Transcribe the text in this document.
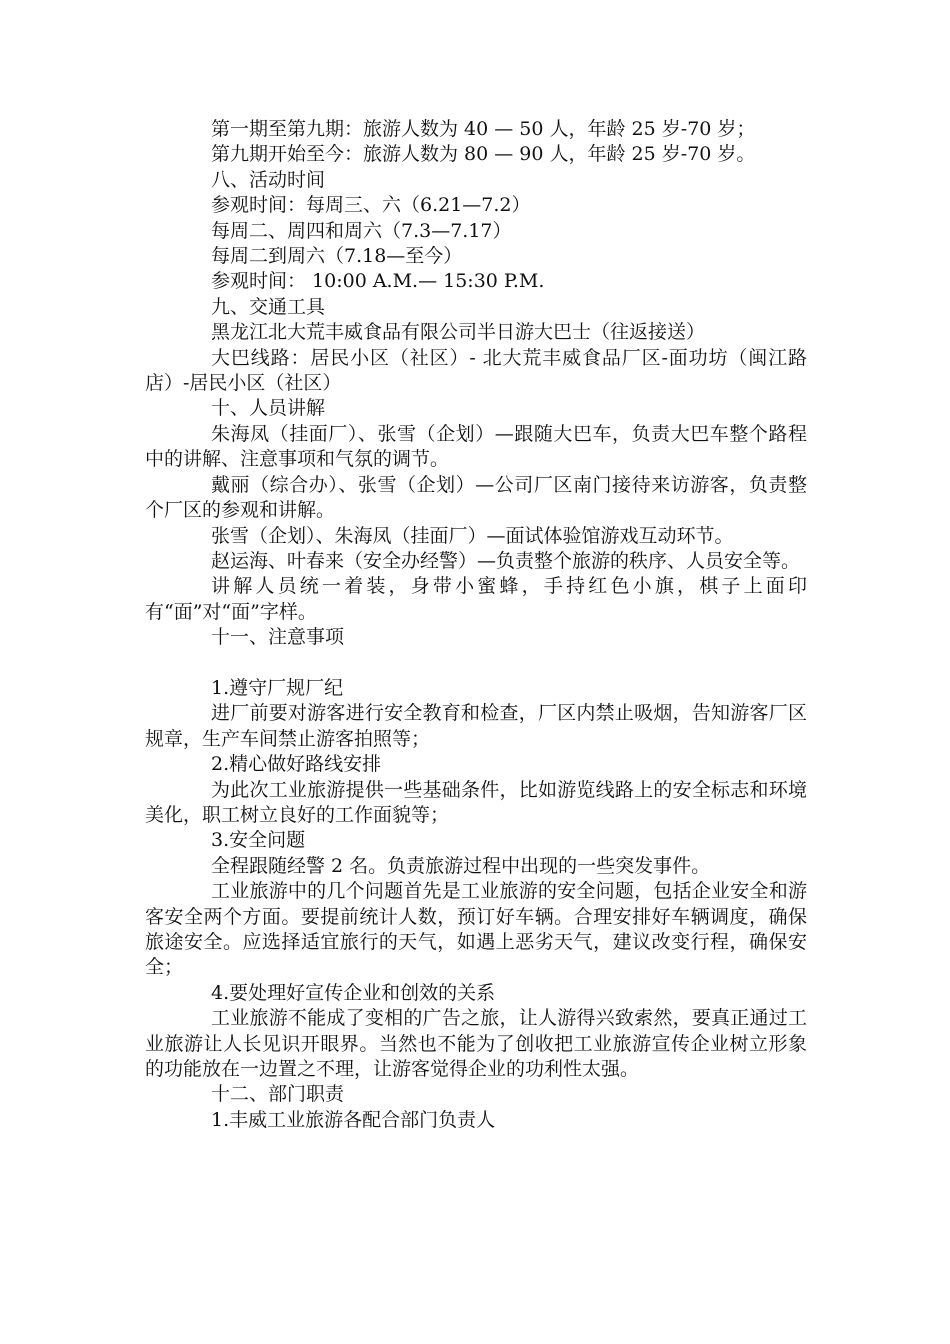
第一期至第九期：旅游人数为 40 — 50 人，年龄 25 岁-70 岁；

第九期开始至今：旅游人数为 80 — 90 人，年龄 25 岁-70 岁。

八、活动时间

参观时间：每周三、六（6.21—7.2）

每周二、周四和周六（7.3—7.17）

每周二到周六（7.18—至今）

参观时间： 10:00 A.M.— 15:30 P.M.

九、交通工具

黑龙江北大荒丰威食品有限公司半日游大巴士（往返接送）

大巴线路：居民小区（社区）- 北大荒丰威食品厂区-面功坊（闽江路店）-居民小区（社区）

十、人员讲解

朱海凤（挂面厂）、张雪（企划）—跟随大巴车，负责大巴车整个路程中的讲解、注意事项和气氛的调节。

戴丽（综合办）、张雪（企划）—公司厂区南门接待来访游客，负责整个厂区的参观和讲解。

张雪（企划）、朱海凤（挂面厂）—面试体验馆游戏互动环节。

赵运海、叶春来（安全办经警）—负责整个旅游的秩序、人员安全等。

讲解人员统一着装，身带小蜜蜂，手持红色小旗，棋子上面印有“面”对“面”字样。

十一、注意事项

1.遵守厂规厂纪

进厂前要对游客进行安全教育和检查，厂区内禁止吸烟，告知游客厂区规章，生产车间禁止游客拍照等；

2.精心做好路线安排

为此次工业旅游提供一些基础条件，比如游览线路上的安全标志和环境美化，职工树立良好的工作面貌等；

3.安全问题

全程跟随经警 2 名。负责旅游过程中出现的一些突发事件。

工业旅游中的几个问题首先是工业旅游的安全问题，包括企业安全和游客安全两个方面。要提前统计人数，预订好车辆。合理安排好车辆调度，确保旅途安全。应选择适宜旅行的天气，如遇上恶劣天气，建议改变行程，确保安全；

4.要处理好宣传企业和创效的关系

工业旅游不能成了变相的广告之旅，让人游得兴致索然，要真正通过工业旅游让人长见识开眼界。当然也不能为了创收把工业旅游宣传企业树立形象的功能放在一边置之不理，让游客觉得企业的功利性太强。

十二、部门职责

1.丰威工业旅游各配合部门负责人
